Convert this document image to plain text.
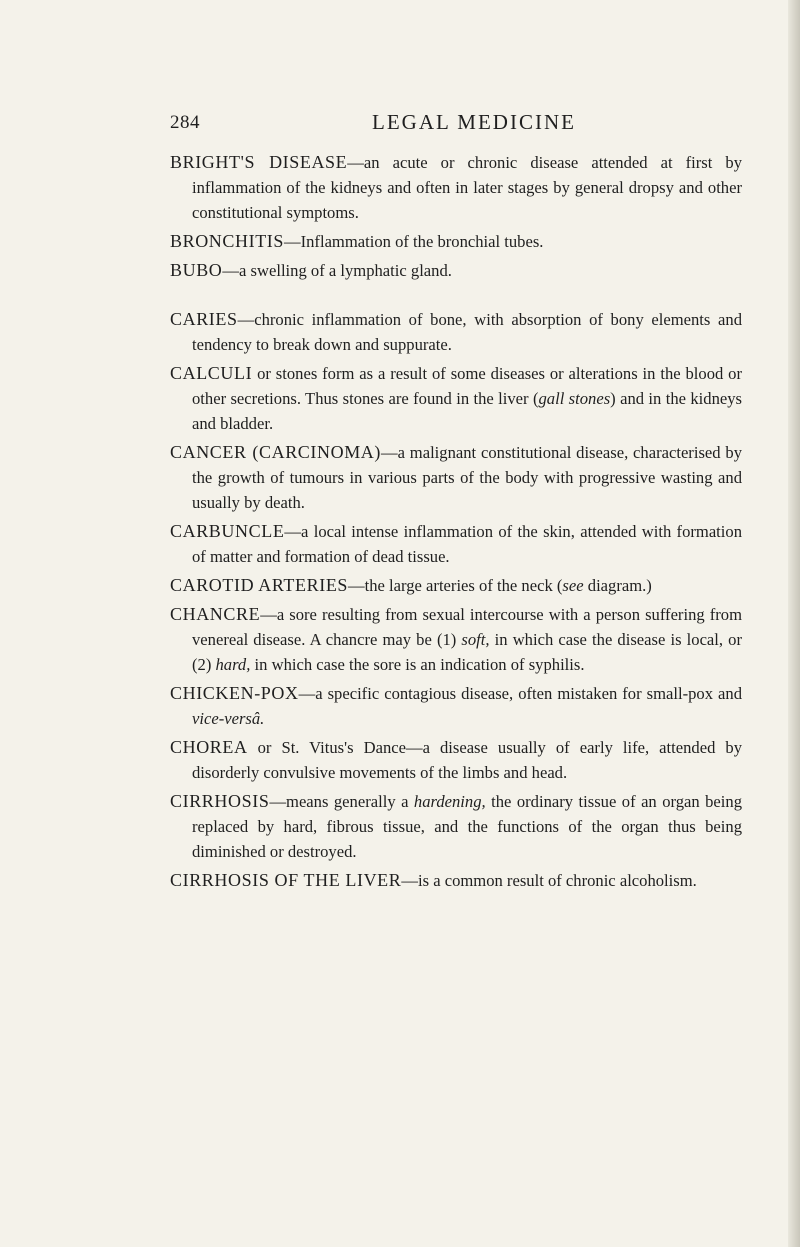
284	LEGAL MEDICINE

BRIGHT'S DISEASE—an acute or chronic disease attended at first by inflammation of the kidneys and often in later stages by general dropsy and other constitutional symptoms.

BRONCHITIS—Inflammation of the bronchial tubes.

BUBO—a swelling of a lymphatic gland.

CARIES—chronic inflammation of bone, with absorption of bony elements and tendency to break down and suppurate.

CALCULI or stones form as a result of some diseases or alterations in the blood or other secretions. Thus stones are found in the liver (gall stones) and in the kidneys and bladder.

CANCER (CARCINOMA)—a malignant constitutional disease, characterised by the growth of tumours in various parts of the body with progressive wasting and usually by death.

CARBUNCLE—a local intense inflammation of the skin, attended with formation of matter and formation of dead tissue.

CAROTID ARTERIES—the large arteries of the neck (see diagram.)

CHANCRE—a sore resulting from sexual intercourse with a person suffering from venereal disease. A chancre may be (1) soft, in which case the disease is local, or (2) hard, in which case the sore is an indication of syphilis.

CHICKEN-POX—a specific contagious disease, often mistaken for small-pox and vice-versâ.

CHOREA or St. Vitus's Dance—a disease usually of early life, attended by disorderly convulsive movements of the limbs and head.

CIRRHOSIS—means generally a hardening, the ordinary tissue of an organ being replaced by hard, fibrous tissue, and the functions of the organ thus being diminished or destroyed.

CIRRHOSIS OF THE LIVER—is a common result of chronic alcoholism.
